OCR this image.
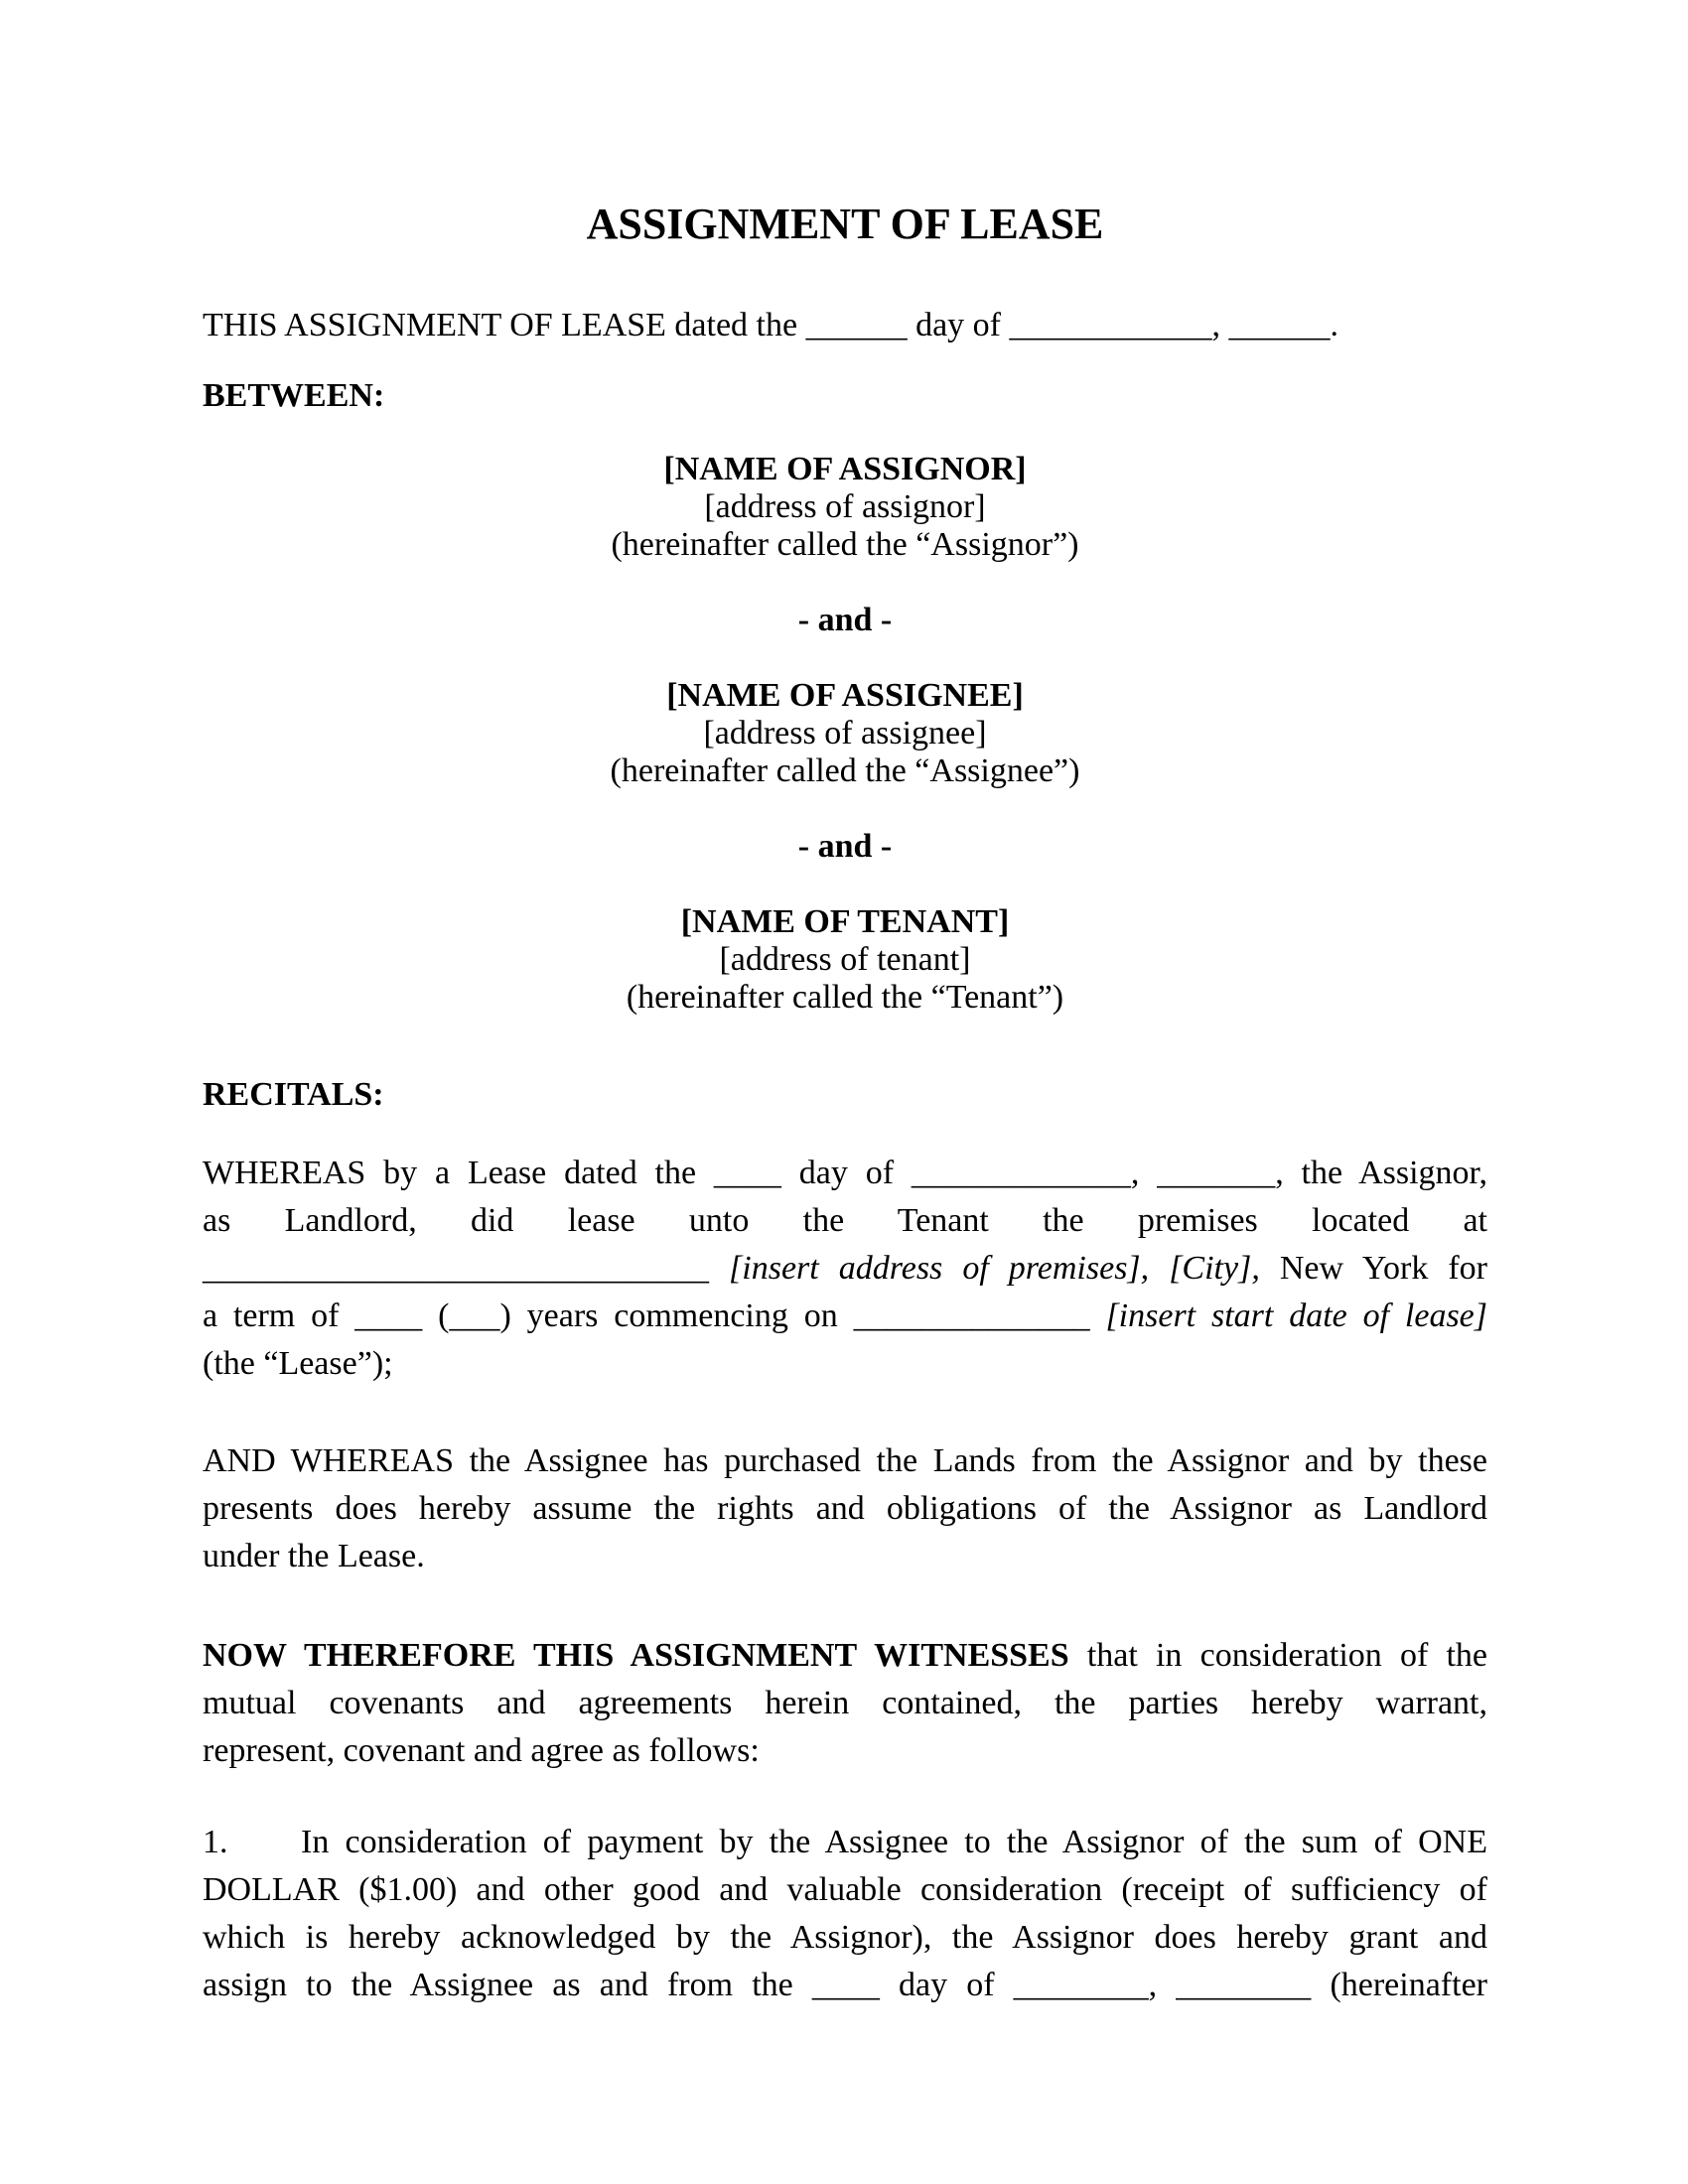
ASSIGNMENT OF LEASE

THIS ASSIGNMENT OF LEASE dated the ______ day of ____________, ______.

BETWEEN:

[NAME OF ASSIGNOR]
[address of assignor]
(hereinafter called the “Assignor”)
- and -
[NAME OF ASSIGNEE]
[address of assignee]
(hereinafter called the “Assignee”)
- and -
[NAME OF TENANT]
[address of tenant]
(hereinafter called the “Tenant”)

RECITALS:

WHEREAS by a Lease dated the ____ day of _____________, _______, the Assignor,
as Landlord, did lease unto the Tenant the premises located at
______________________________ [insert address of premises], [City], New York for
a term of ____ (___) years commencing on ______________ [insert start date of lease]
(the “Lease”);
AND WHEREAS the Assignee has purchased the Lands from the Assignor and by these
presents does hereby assume the rights and obligations of the Assignor as Landlord
under the Lease.
NOW THEREFORE THIS ASSIGNMENT WITNESSES that in consideration of the
mutual covenants and agreements herein contained, the parties hereby warrant,
represent, covenant and agree as follows:
1. In consideration of payment by the Assignee to the Assignor of the sum of ONE
DOLLAR ($1.00) and other good and valuable consideration (receipt of sufficiency of
which is hereby acknowledged by the Assignor), the Assignor does hereby grant and
assign to the Assignee as and from the ____ day of ________, ________ (hereinafter
